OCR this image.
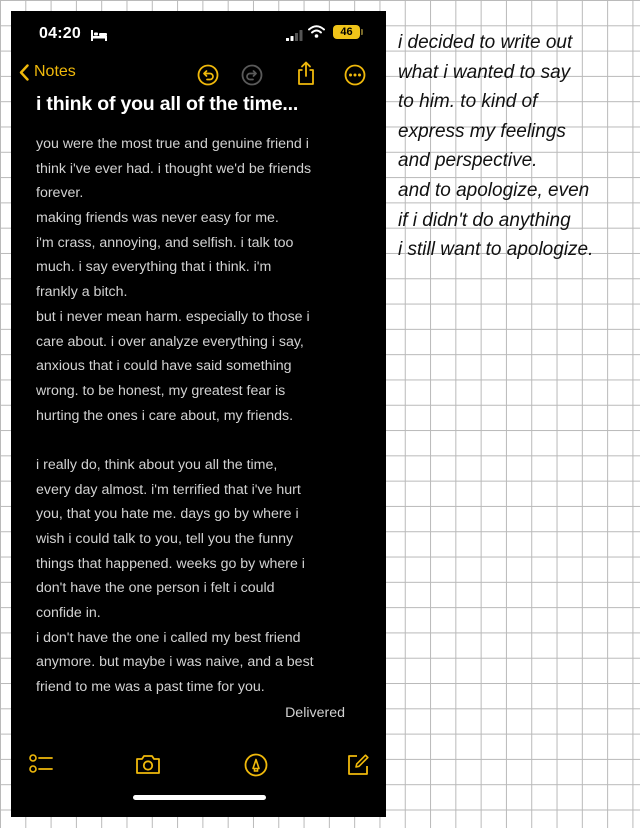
04:20	46
Notes
i think of you all of the time...
you were the most true and genuine friend i
think i've ever had. i thought we'd be friends
forever.
making friends was never easy for me.
i'm crass, annoying, and selfish. i talk too
much. i say everything that i think. i'm
frankly a bitch.
but i never mean harm. especially to those i
care about. i over analyze everything i say,
anxious that i could have said something
wrong. to be honest, my greatest fear is
hurting the ones i care about, my friends.
i really do, think about you all the time,
every day almost. i'm terrified that i've hurt
you, that you hate me. days go by where i
wish i could talk to you, tell you the funny
things that happened. weeks go by where i
don't have the one person i felt i could
confide in.
i don't have the one i called my best friend
anymore. but maybe i was naive, and a best
friend to me was a past time for you.
Delivered
i decided to write out
what i wanted to say
to him. to kind of
express my feelings
and perspective.
and to apologize, even
if i didn't do anything
i still want to apologize.
